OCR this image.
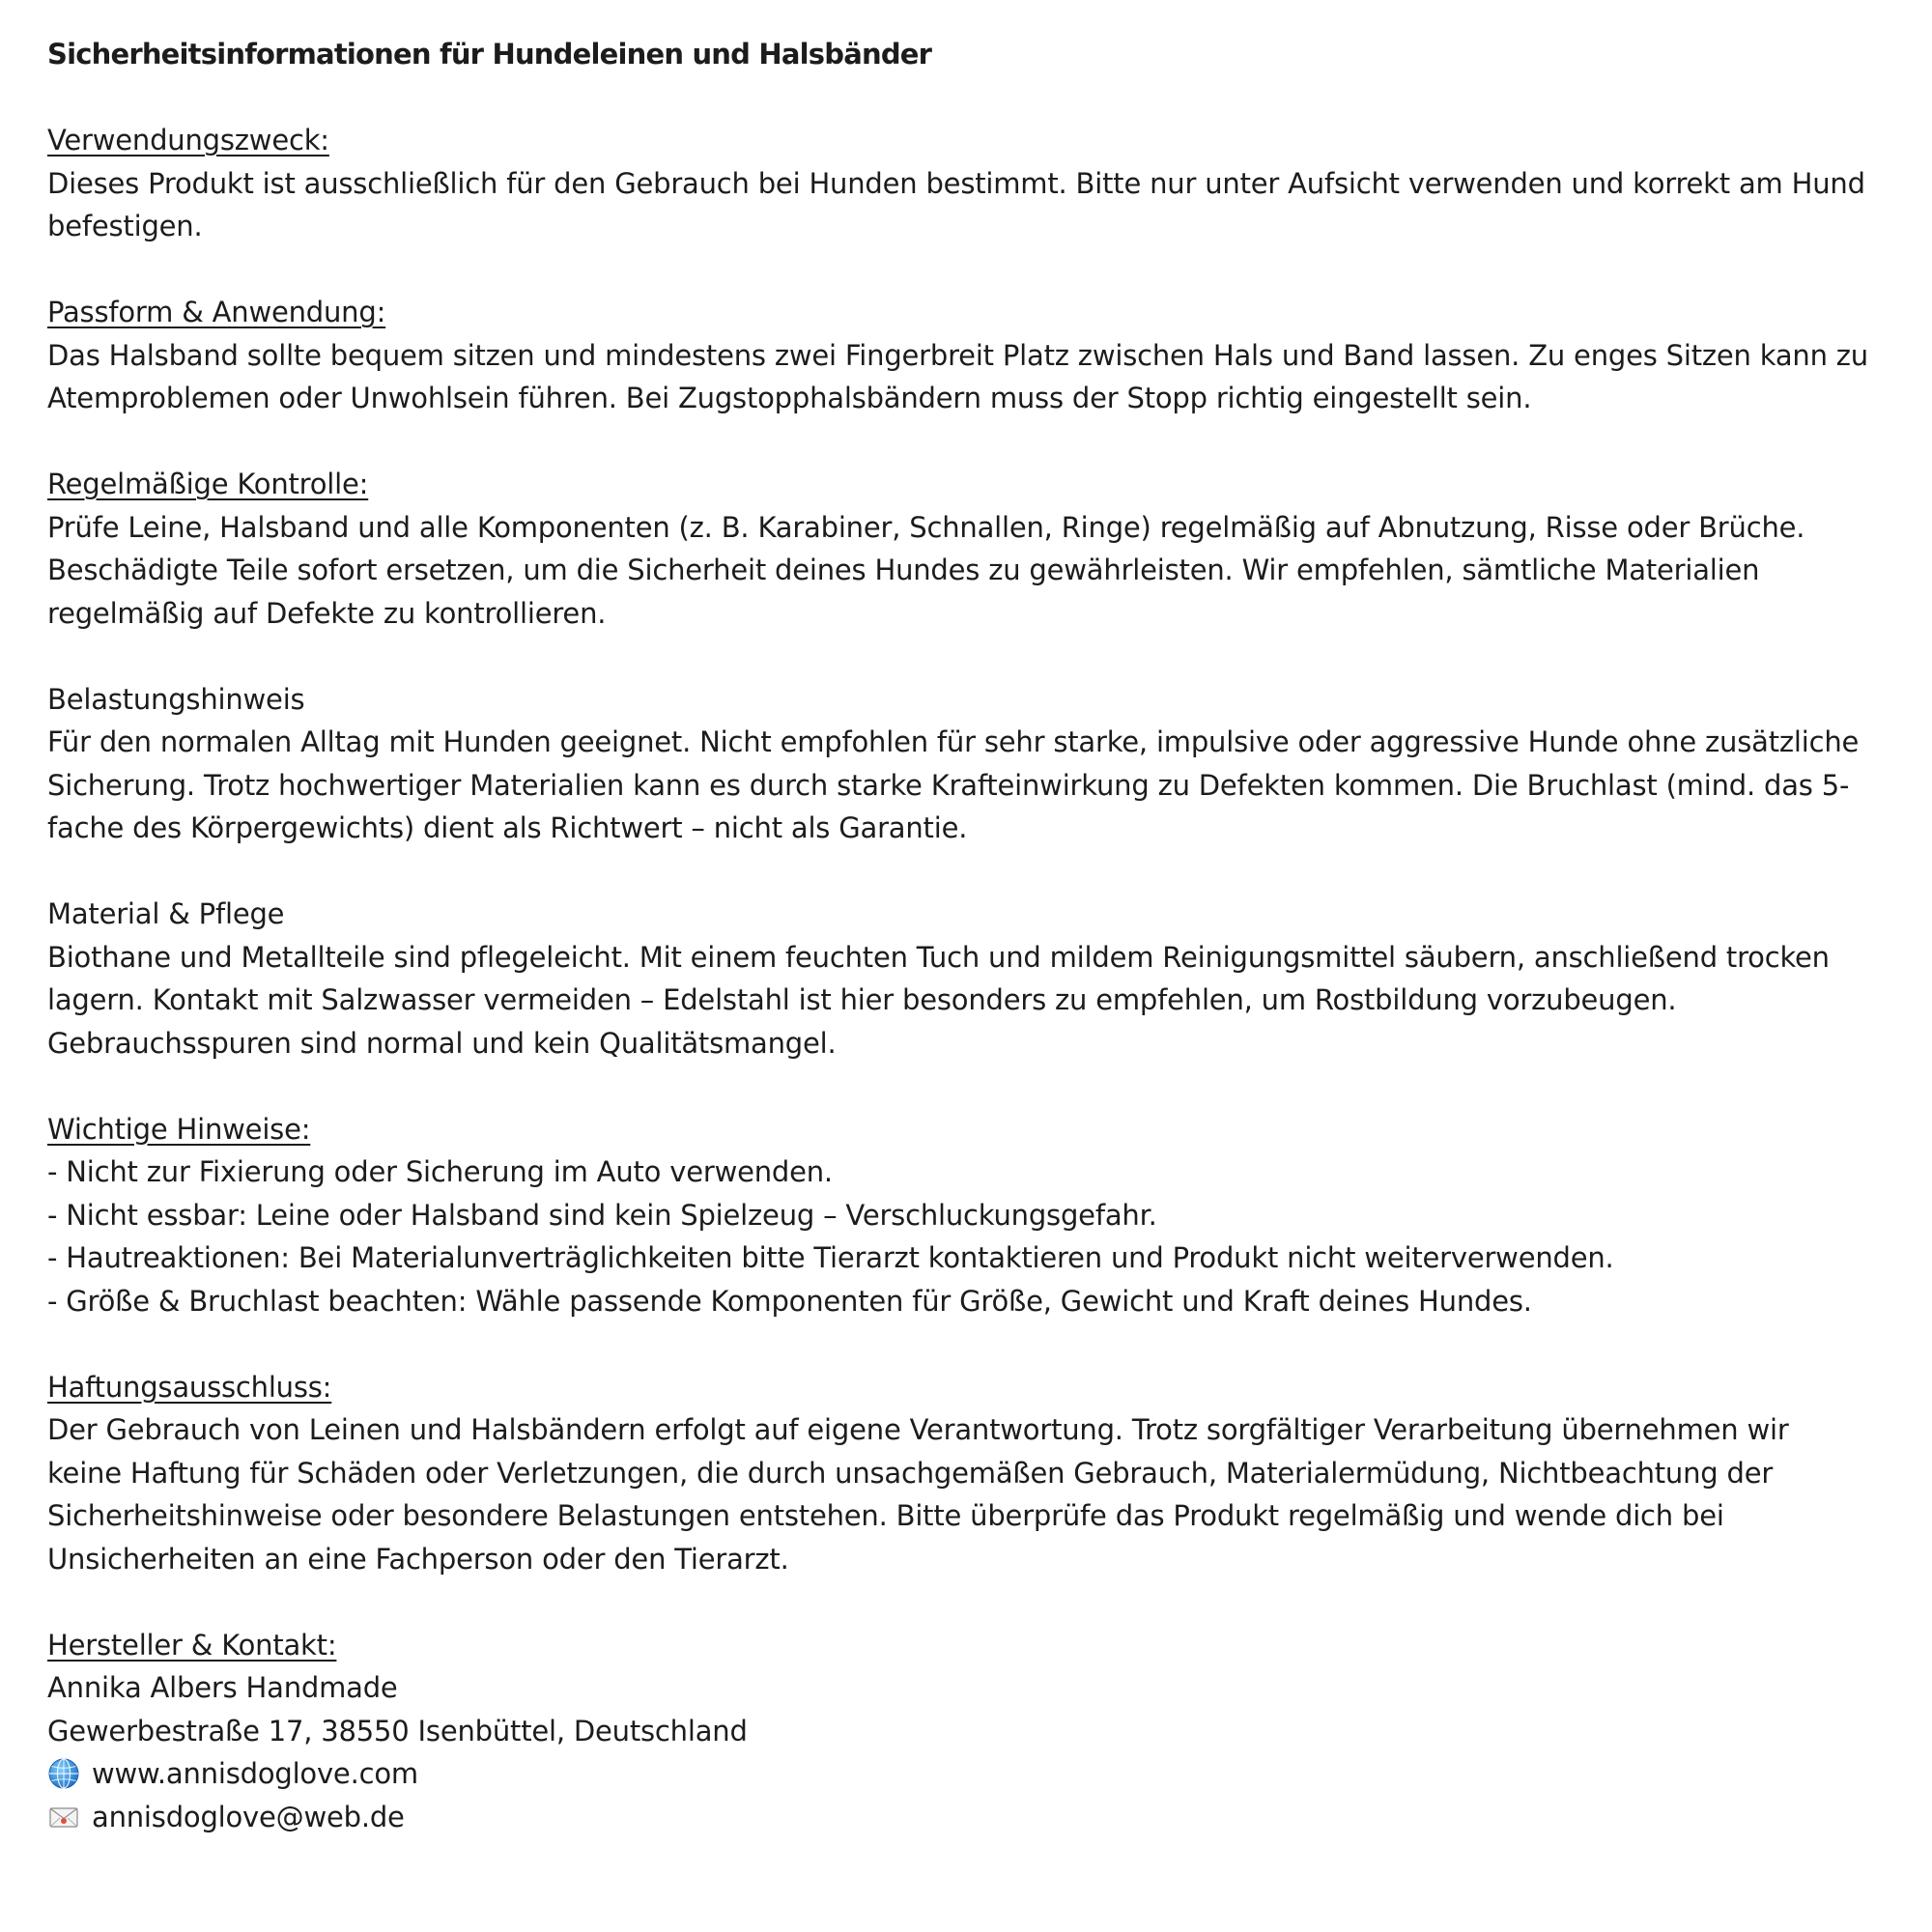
Sicherheitsinformationen für Hundeleinen und Halsbänder

Verwendungszweck:
Dieses Produkt ist ausschließlich für den Gebrauch bei Hunden bestimmt. Bitte nur unter Aufsicht verwenden und korrekt am Hund
befestigen.
Passform & Anwendung:
Das Halsband sollte bequem sitzen und mindestens zwei Fingerbreit Platz zwischen Hals und Band lassen. Zu enges Sitzen kann zu
Atemproblemen oder Unwohlsein führen. Bei Zugstopphalsbändern muss der Stopp richtig eingestellt sein.
Regelmäßige Kontrolle:
Prüfe Leine, Halsband und alle Komponenten (z. B. Karabiner, Schnallen, Ringe) regelmäßig auf Abnutzung, Risse oder Brüche.
Beschädigte Teile sofort ersetzen, um die Sicherheit deines Hundes zu gewährleisten. Wir empfehlen, sämtliche Materialien
regelmäßig auf Defekte zu kontrollieren.
Belastungshinweis
Für den normalen Alltag mit Hunden geeignet. Nicht empfohlen für sehr starke, impulsive oder aggressive Hunde ohne zusätzliche
Sicherung. Trotz hochwertiger Materialien kann es durch starke Krafteinwirkung zu Defekten kommen. Die Bruchlast (mind. das 5-
fache des Körpergewichts) dient als Richtwert – nicht als Garantie.
Material & Pflege
Biothane und Metallteile sind pflegeleicht. Mit einem feuchten Tuch und mildem Reinigungsmittel säubern, anschließend trocken
lagern. Kontakt mit Salzwasser vermeiden – Edelstahl ist hier besonders zu empfehlen, um Rostbildung vorzubeugen.
Gebrauchsspuren sind normal und kein Qualitätsmangel.
Wichtige Hinweise:
- Nicht zur Fixierung oder Sicherung im Auto verwenden.
- Nicht essbar: Leine oder Halsband sind kein Spielzeug – Verschluckungsgefahr.
- Hautreaktionen: Bei Materialunverträglichkeiten bitte Tierarzt kontaktieren und Produkt nicht weiterverwenden.
- Größe & Bruchlast beachten: Wähle passende Komponenten für Größe, Gewicht und Kraft deines Hundes.
Haftungsausschluss:
Der Gebrauch von Leinen und Halsbändern erfolgt auf eigene Verantwortung. Trotz sorgfältiger Verarbeitung übernehmen wir
keine Haftung für Schäden oder Verletzungen, die durch unsachgemäßen Gebrauch, Materialermüdung, Nichtbeachtung der
Sicherheitshinweise oder besondere Belastungen entstehen. Bitte überprüfe das Produkt regelmäßig und wende dich bei
Unsicherheiten an eine Fachperson oder den Tierarzt.
Hersteller & Kontakt:
Annika Albers Handmade
Gewerbestraße 17, 38550 Isenbüttel, Deutschland
www.annisdoglove.com
annisdoglove@web.de
